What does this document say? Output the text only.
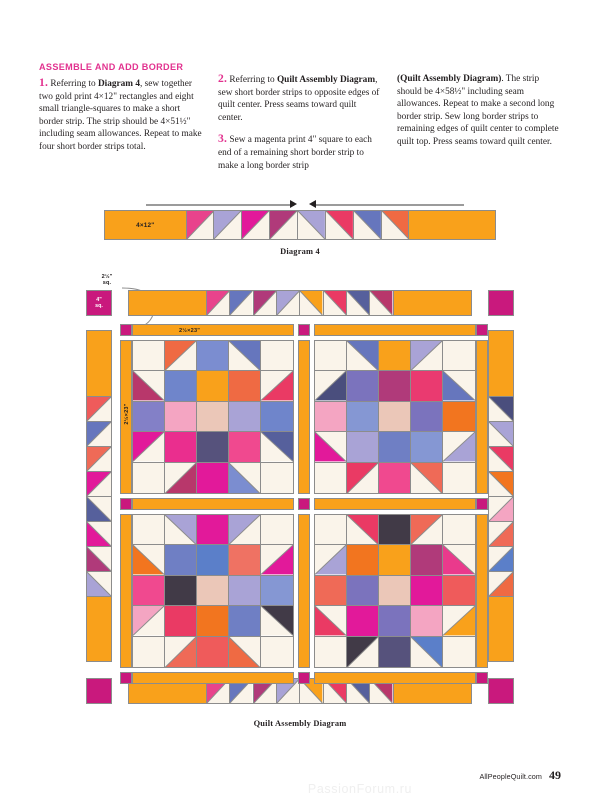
ASSEMBLE AND ADD BORDER
1. Referring to Diagram 4, sew together two gold print 4×12" rectangles and eight small triangle-squares to make a short border strip. The strip should be 4×51½" including seam allowances. Repeat to make four short border strips total.
2. Referring to Quilt Assembly Diagram, sew short border strips to opposite edges of quilt center. Press seams toward quilt center.
3. Sew a magenta print 4" square to each end of a remaining short border strip to make a long border strip
(Quilt Assembly Diagram). The strip should be 4×58½" including seam allowances. Repeat to make a second long border strip. Sew long border strips to remaining edges of quilt center to complete quilt top. Press seams toward quilt center.
4×12"
Diagram 4
2½"
sq.
4"
sq.
2½×23"
2½×23"
Quilt Assembly Diagram
AllPeopleQuilt.com 49
PassionForum.ru
